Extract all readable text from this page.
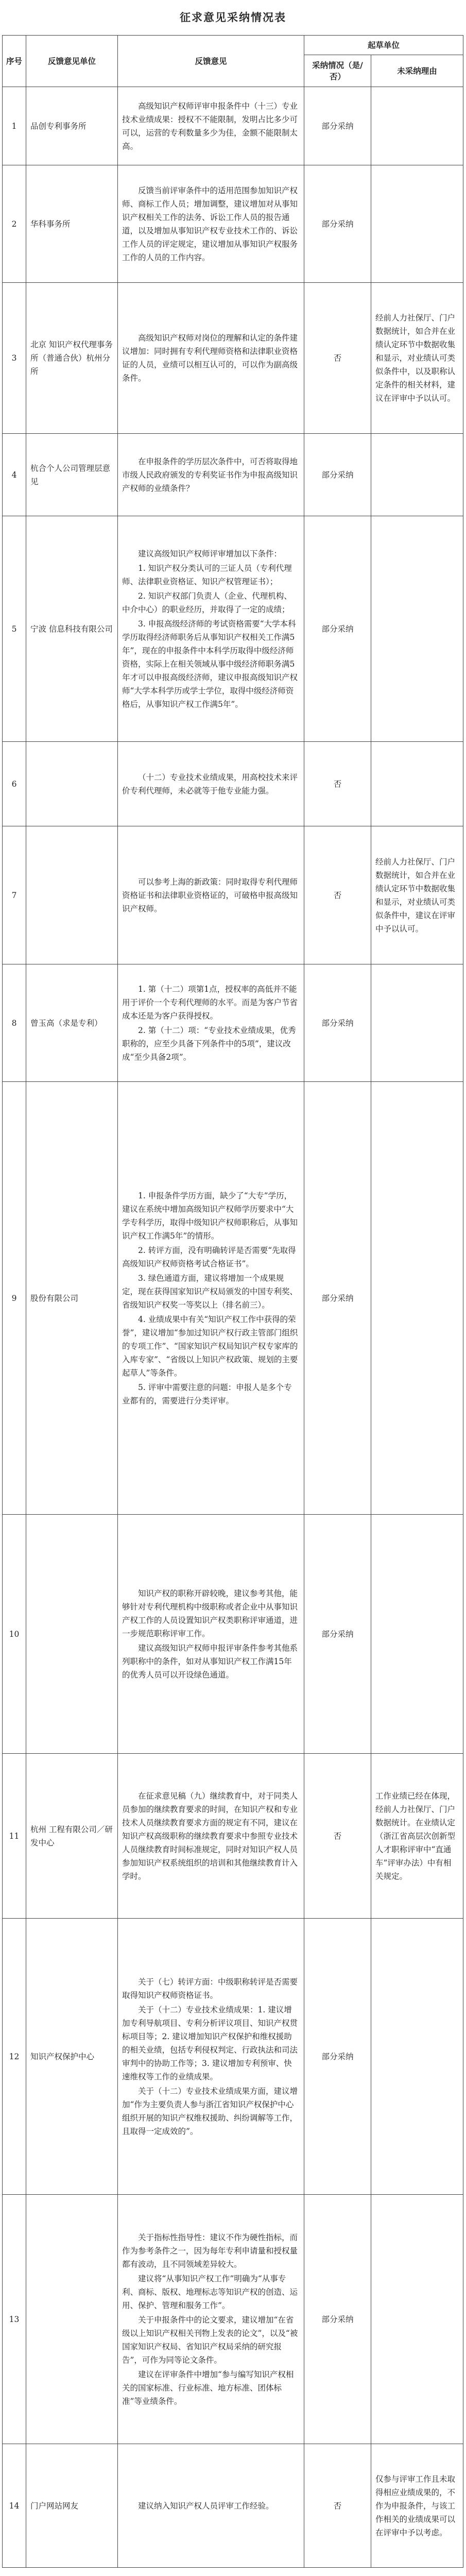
征求意见采纳情况表
序号	反馈意见单位	反馈意见	起草单位	
			采纳情况（是/否）	未采纳理由
1	品创专利事务所	高级知识产权师评审申报条件中（十三）专业技术业绩成果：授权不不能限制，发明占比多少可可以，运营的专利数量多少为佳，金额不能限制太高。	部分采纳	
2	华科事务所	反馈当前评审条件中的适用范围参加知识产权师、商标工作人员；增加调整，建议增加对从事知识产权相关工作的法务、诉讼工作人员的报告通道，以及增加从事知识产权专业技术工作的、诉讼工作人员的评定规定，建议增加从事知识产权服务工作的人员的工作内容。	部分采纳	
3	北京 知识产权代理事务所（普通合伙）杭州分所	高级知识产权师对岗位的理解和认定的条件建议增加：同时拥有专利代理师资格和法律职业资格证的人员，业绩可以相互认可的，可以作为副高级条件。	否	经前人力社保厅、门户数据统计，如合并在业绩认定环节中数据收集和显示，对业绩认可类似条件中，以及职称认定条件的相关材料，建议在评审中予以认可。
4	杭合个人公司管理层意见	在申报条件的学历层次条件中，可否将取得地市级人民政府颁发的专利奖证书作为申报高级知识产权师的业绩条件？	部分采纳	
5	宁波 信息科技有限公司	建议高级知识产权师评审增加以下条件：
1. 知识产权分类认可的三证人员（专利代理师、法律职业资格证、知识产权管理证书）；
2. 知识产权部门负责人（企业、代理机构、中介中心）的职业经历，并取得了一定的成绩；
3. 申报高级经济师的考试资格需要“大学本科学历取得经济师职务后从事知识产权相关工作满5年”，现在的申报条件中本科学历取得中级经济师资格，实际上在相关领域从事中级经济师职务满5年才可以申报高级经济师，建议申报高级知识产权师“大学本科学历或学士学位，取得中级经济师资格后，从事知识产权工作满5年”。	部分采纳	
6		（十二）专业技术业绩成果，用高校技术来评价专利代理师，未必就等于他专业能力强。	否	
7		可以参考上海的新政策：同时取得专利代理师资格证书和法律职业资格证的，可破格申报高级知识产权师。	否	经前人力社保厅、门户数据统计，如合并在业绩认定环节中数据收集和显示，对业绩认可类似条件中，建议在评审中予以认可。
8	曾玉高（求是专利）	1. 第（十二）项第1点，授权率的高低并不能用于评价一个专利代理师的水平。而是为客户节省成本还是为客户获得授权。
2. 第（十二）项：“专业技术业绩成果，优秀职称的，应至少具备下列条件中的5项”，建议改成“至少具备2项”。	部分采纳	
9	股份有限公司	1. 申报条件学历方面，缺少了“大专”学历，建议在系统中增加高级知识产权师学历要求中“大学专科学历，取得中级知识产权师职称后，从事知识产权工作满5年”的情形。
2. 转评方面，没有明确转评是否需要“先取得高级知识产权师资格考试合格证书”。
3. 绿色通道方面，建议将增加一个成果规定，现在获得国家知识产权局颁发的中国专利奖、省级知识产权奖一等奖以上（排名前三）。
4. 业绩成果中有关“知识产权工作中获得的荣誉”，建议增加“参加过知识产权行政主管部门组织的专项工作”、“国家知识产权局知识产权专家库的入库专家”、“省级以上知识产权政策、规划的主要起草人”等条件。
5. 评审中需要注意的问题：申报人是多个专业都有的，需要进行分类评审。	部分采纳	
10		知识产权的职称开辟较晚，建议参考其他，能够针对专利代理机构中级职称或者企业中从事知识产权工作的人员设置知识产权类职称评审通道，进一步规范职称评审工作。
建议高级知识产权师申报评审条件参考其他系列职称中的条件，如对从事知识产权工作满15年的优秀人员可以开设绿色通道。	部分采纳	
11	杭州 工程有限公司／研发中心	在征求意见稿（九）继续教育中，对于同类人员参加的继续教育要求的时间，在知识产权和专业技术人员继续教育要求方面的规定有不同，建议在知识产权高级职称的继续教育要求中参照专业技术人员继续教育时间标准规定，同时对知识产权人员参加知识产权系统组织的培训和其他继续教育计入学时。	否	工作业绩已经在体现，经前人力社保厅、门户数据统计。在业绩认定（浙江省高层次创新型人才职称评审中“直通车”评审办法）中有相关规定。
12	知识产权保护中心	关于（七）转评方面：中级职称转评是否需要取得知识产权师资格证书。
关于（十二）专业技术业绩成果：1. 建议增加专利导航项目、专利分析评议项目、知识产权贯标项目等；2. 建议增加知识产权保护和维权援助的相关业绩，包括专利侵权判定、行政执法和司法审判中的协助工作等；3. 建议增加专利预审、快速维权等工作的业绩成果。
关于（十二）专业技术业绩成果方面，建议增加“作为主要负责人参与浙江省知识产权保护中心组织开展的知识产权维权援助、纠纷调解等工作，且取得一定成效的”。	部分采纳	
13		关于指标性指导性：建议不作为硬性指标，而作为参考条件之一，因为每年专利申请量和授权量都有波动，且不同领域差异较大。
建议将“从事知识产权工作”明确为“从事专利、商标、版权、地理标志等知识产权的创造、运用、保护、管理和服务工作”。
关于申报条件中的论文要求，建议增加“在省级以上知识产权相关刊物上发表的论文”，以及“被国家知识产权局、省知识产权局采纳的研究报告”，可作为同等论文条件。
建议在评审条件中增加“参与编写知识产权相关的国家标准、行业标准、地方标准、团体标准”等业绩条件。	部分采纳	
14	门户网站网友	建议纳入知识产权人员评审工作经验。	否	仅参与评审工作且未取得相应业绩成果的，不作为申报条件，与该工作相关的业绩成果可以在评审中予以考虑。
